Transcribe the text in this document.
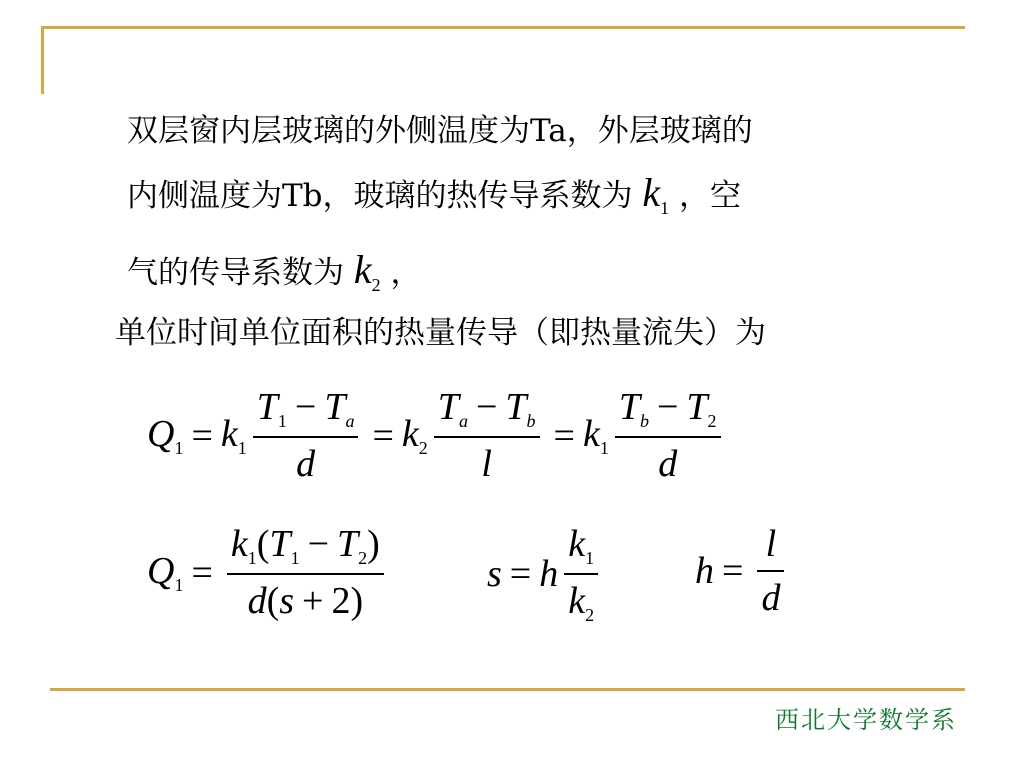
双层窗内层玻璃的外侧温度为Ta，外层玻璃的
内侧温度为Tb，玻璃的热传导系数为 $k_1$ ，空
气的传导系数为 $k_2$ ，
单位时间单位面积的热量传导（即热量流失）为
$Q_1 = k_1 \frac{T_1 - T_a}{d} = k_2 \frac{T_a - T_b}{l} = k_1 \frac{T_b - T_2}{d}$
$Q_1 = \frac{k_1(T_1 - T_2)}{d(s + 2)}$	s = h $\frac{k_1}{k_2}$	$h = \frac{l}{d}$
西北大学数学系
